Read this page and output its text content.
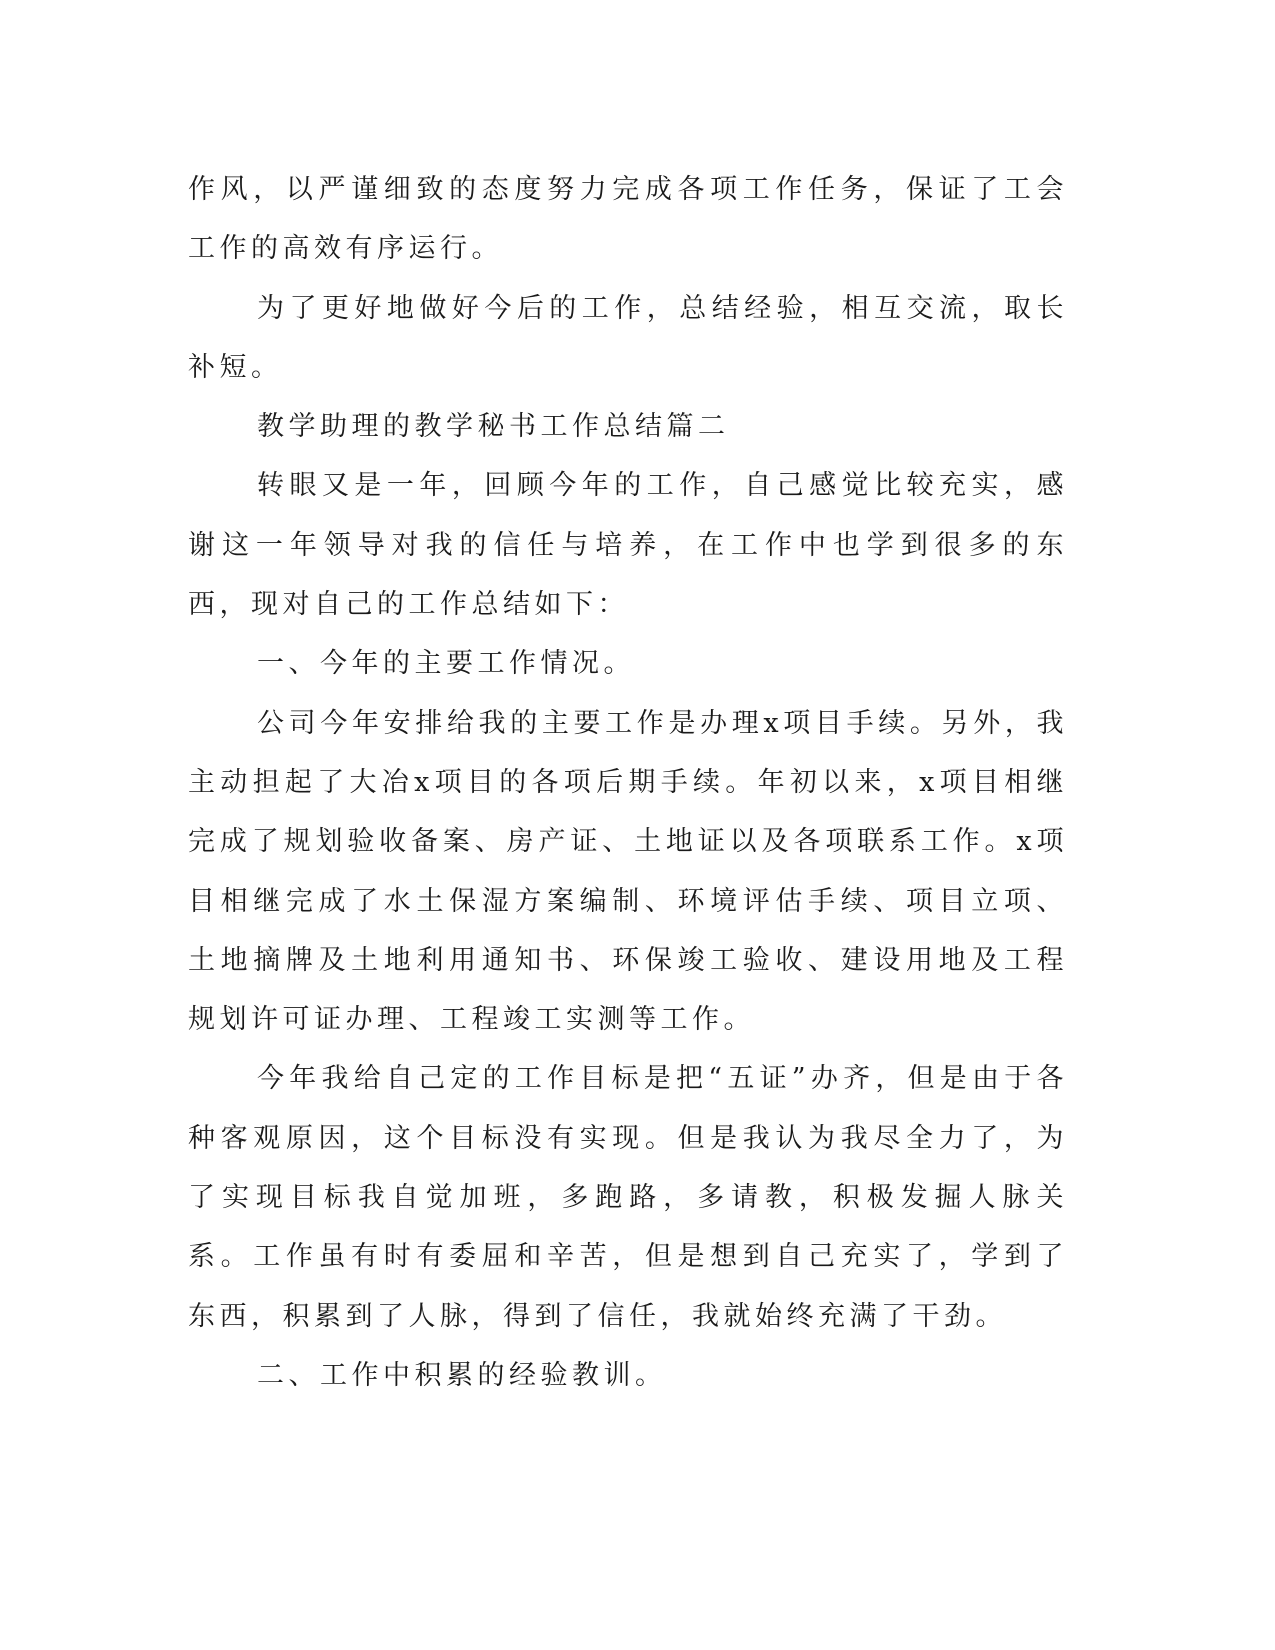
作风，以严谨细致的态度努力完成各项工作任务，保证了工会工作的高效有序运行。

为了更好地做好今后的工作，总结经验，相互交流，取长补短。

教学助理的教学秘书工作总结篇二

转眼又是一年，回顾今年的工作，自己感觉比较充实，感谢这一年领导对我的信任与培养，在工作中也学到很多的东西，现对自己的工作总结如下：

一、今年的主要工作情况。

公司今年安排给我的主要工作是办理x项目手续。另外，我主动担起了大冶x项目的各项后期手续。年初以来，x项目相继完成了规划验收备案、房产证、土地证以及各项联系工作。x项目相继完成了水土保湿方案编制、环境评估手续、项目立项、土地摘牌及土地利用通知书、环保竣工验收、建设用地及工程规划许可证办理、工程竣工实测等工作。

今年我给自己定的工作目标是把“五证”办齐，但是由于各种客观原因，这个目标没有实现。但是我认为我尽全力了，为了实现目标我自觉加班，多跑路，多请教，积极发掘人脉关系。工作虽有时有委屈和辛苦，但是想到自己充实了，学到了东西，积累到了人脉，得到了信任，我就始终充满了干劲。

二、工作中积累的经验教训。
